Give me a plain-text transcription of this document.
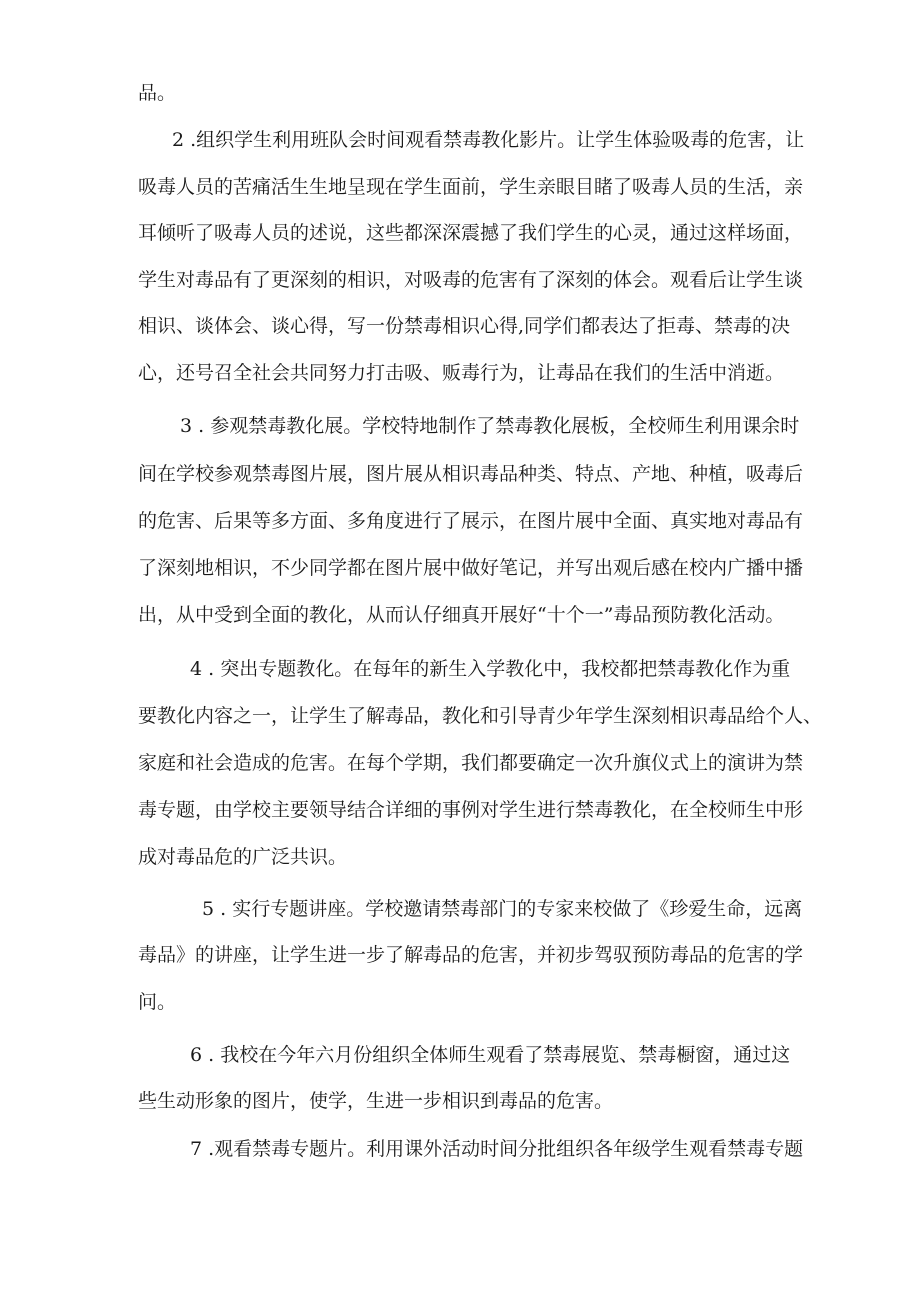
品。
2 .组织学生利用班队会时间观看禁毒教化影片。让学生体验吸毒的危害，让
吸毒人员的苦痛活生生地呈现在学生面前，学生亲眼目睹了吸毒人员的生活，亲
耳倾听了吸毒人员的述说，这些都深深震撼了我们学生的心灵，通过这样场面，
学生对毒品有了更深刻的相识，对吸毒的危害有了深刻的体会。观看后让学生谈
相识、谈体会、谈心得，写一份禁毒相识心得,同学们都表达了拒毒、禁毒的决
心，还号召全社会共同努力打击吸、贩毒行为，让毒品在我们的生活中消逝。
3 . 参观禁毒教化展。学校特地制作了禁毒教化展板，全校师生利用课余时
间在学校参观禁毒图片展，图片展从相识毒品种类、特点、产地、种植，吸毒后
的危害、后果等多方面、多角度进行了展示，在图片展中全面、真实地对毒品有
了深刻地相识，不少同学都在图片展中做好笔记，并写出观后感在校内广播中播
出，从中受到全面的教化，从而认仔细真开展好“十个一”毒品预防教化活动。
4 . 突出专题教化。在每年的新生入学教化中，我校都把禁毒教化作为重
要教化内容之一，让学生了解毒品，教化和引导青少年学生深刻相识毒品给个人、
家庭和社会造成的危害。在每个学期，我们都要确定一次升旗仪式上的演讲为禁
毒专题，由学校主要领导结合详细的事例对学生进行禁毒教化，在全校师生中形
成对毒品危的广泛共识。
5 . 实行专题讲座。学校邀请禁毒部门的专家来校做了《珍爱生命，远离
毒品》的讲座，让学生进一步了解毒品的危害，并初步驾驭预防毒品的危害的学
问。
6 . 我校在今年六月份组织全体师生观看了禁毒展览、禁毒橱窗，通过这
些生动形象的图片，使学，生进一步相识到毒品的危害。
7 .观看禁毒专题片。利用课外活动时间分批组织各年级学生观看禁毒专题
